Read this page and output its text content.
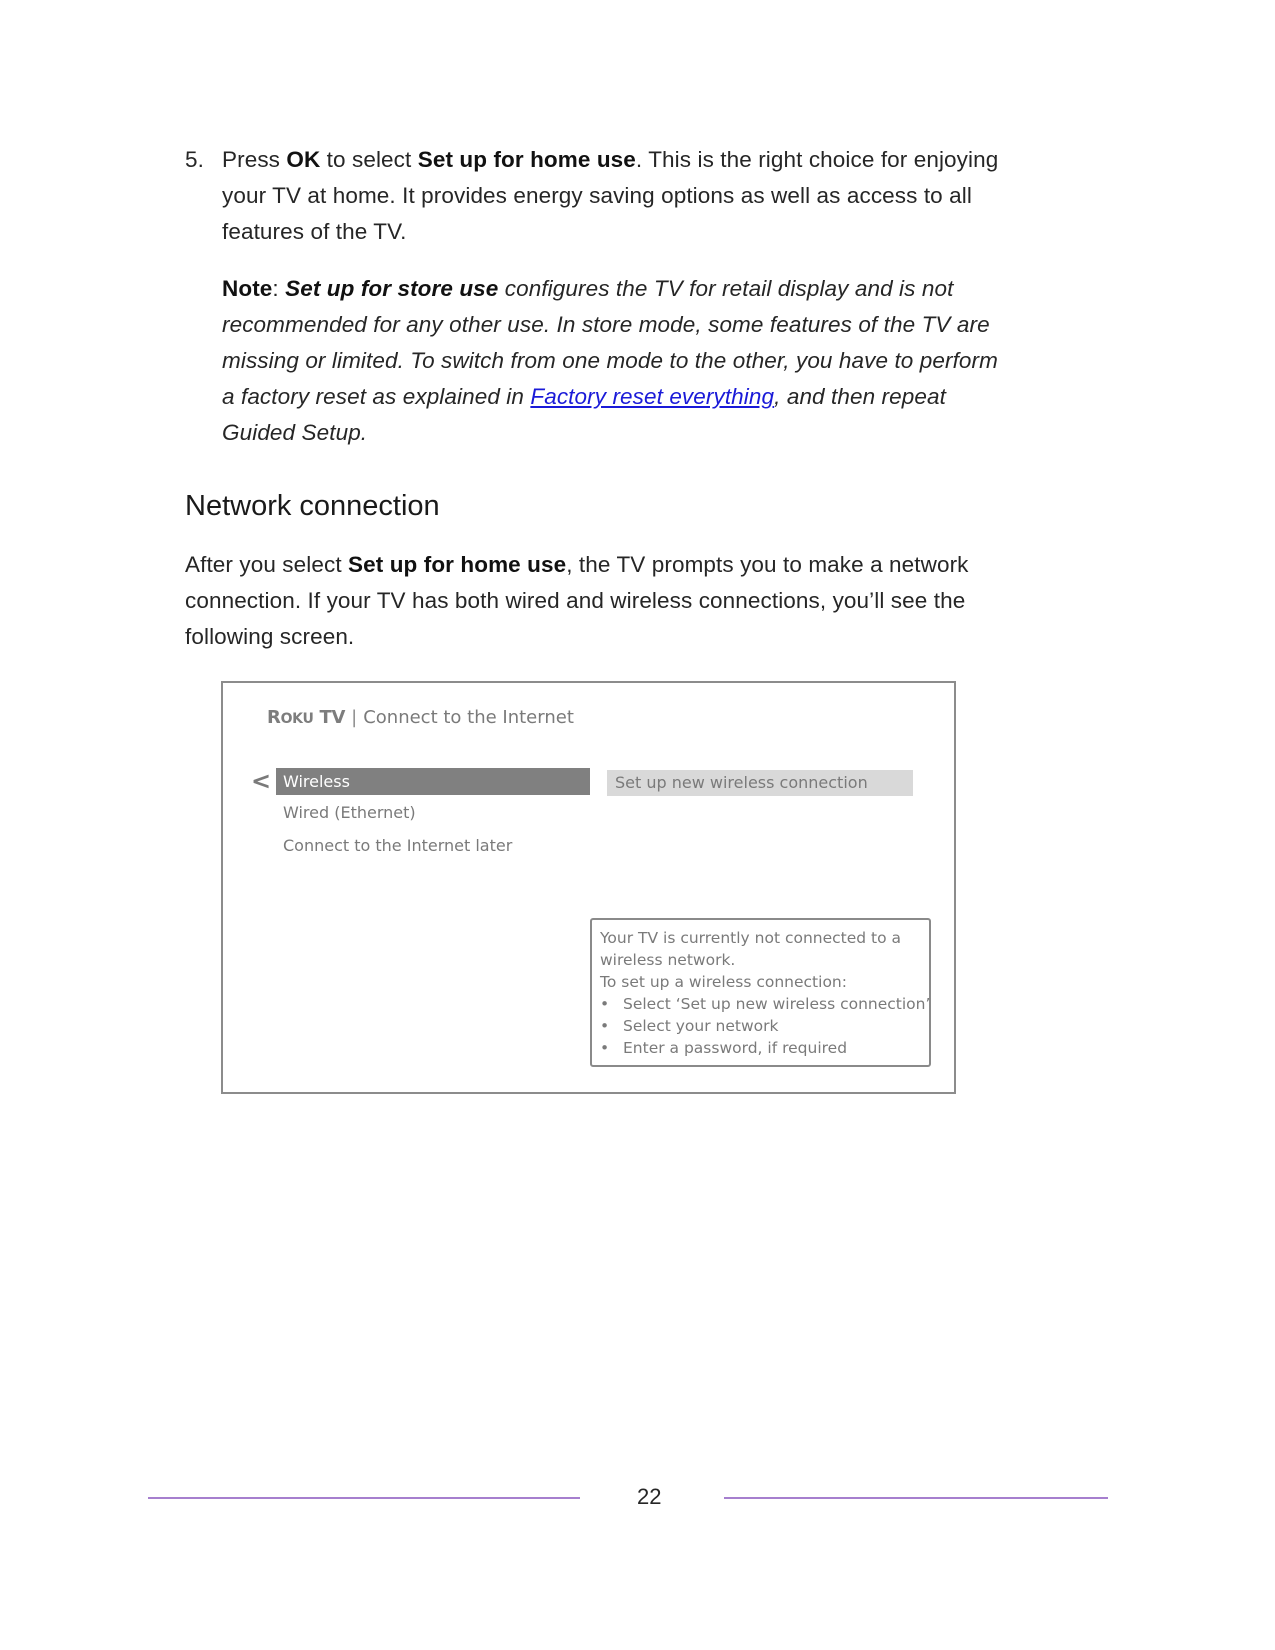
5. Press OK to select Set up for home use. This is the right choice for enjoying
your TV at home. It provides energy saving options as well as access to all
features of the TV.
Note: Set up for store use configures the TV for retail display and is not
recommended for any other use. In store mode, some features of the TV are
missing or limited. To switch from one mode to the other, you have to perform
a factory reset as explained in Factory reset everything, and then repeat
Guided Setup.
Network connection
After you select Set up for home use, the TV prompts you to make a network
connection. If your TV has both wired and wireless connections, you’ll see the
following screen.
ROKU TV | Connect to the Internet
< Wireless
Wired (Ethernet)
Connect to the Internet later
Set up new wireless connection
Your TV is currently not connected to a
wireless network.
To set up a wireless connection:
• Select ‘Set up new wireless connection’
• Select your network
• Enter a password, if required
22
